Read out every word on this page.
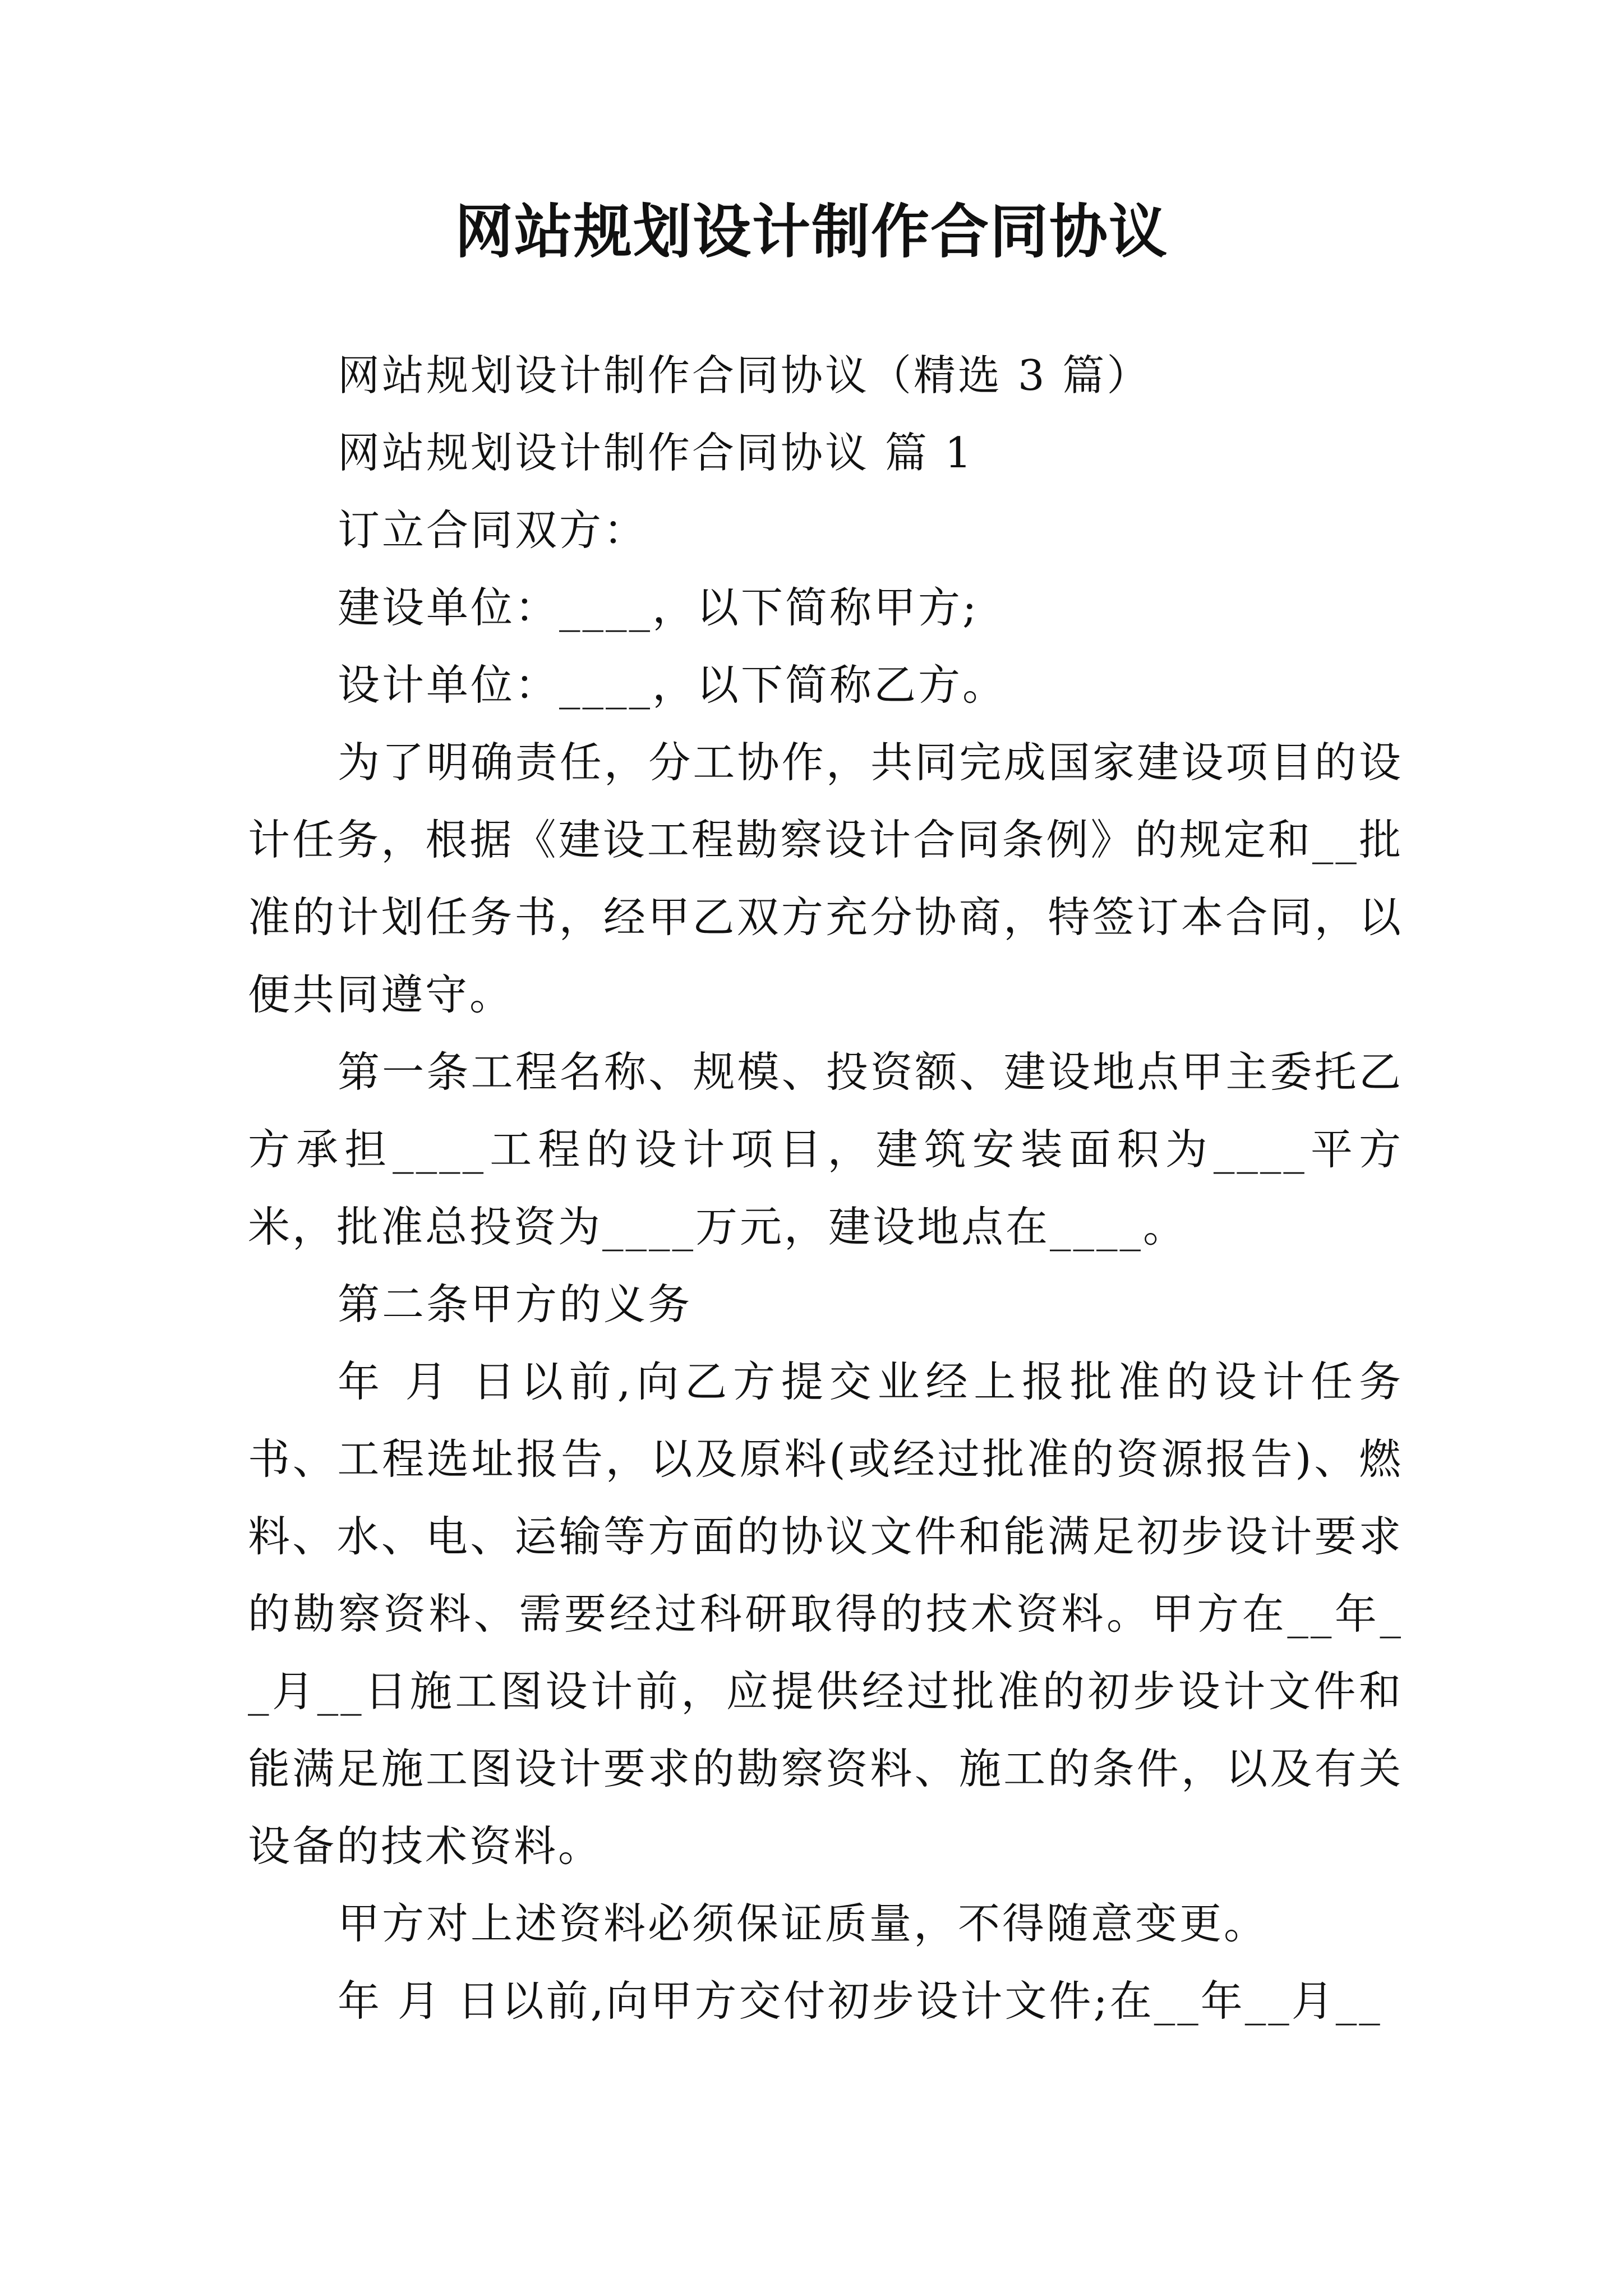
网站规划设计制作合同协议

网站规划设计制作合同协议（精选 3 篇）

网站规划设计制作合同协议 篇 1

订立合同双方：

建设单位：____，以下简称甲方;

设计单位：____，以下简称乙方。

为了明确责任，分工协作，共同完成国家建设项目的设计任务，根据《建设工程勘察设计合同条例》的规定和__批准的计划任务书，经甲乙双方充分协商，特签订本合同，以便共同遵守。

第一条工程名称、规模、投资额、建设地点甲主委托乙方承担____工程的设计项目，建筑安装面积为____平方米，批准总投资为____万元，建设地点在____。

第二条甲方的义务

年 月 日以前,向乙方提交业经上报批准的设计任务书、工程选址报告，以及原料(或经过批准的资源报告)、燃料、水、电、运输等方面的协议文件和能满足初步设计要求的勘察资料、需要经过科研取得的技术资料。甲方在__年__月__日施工图设计前，应提供经过批准的初步设计文件和能满足施工图设计要求的勘察资料、施工的条件，以及有关设备的技术资料。

甲方对上述资料必须保证质量，不得随意变更。

年 月 日以前,向甲方交付初步设计文件;在__年__月__
